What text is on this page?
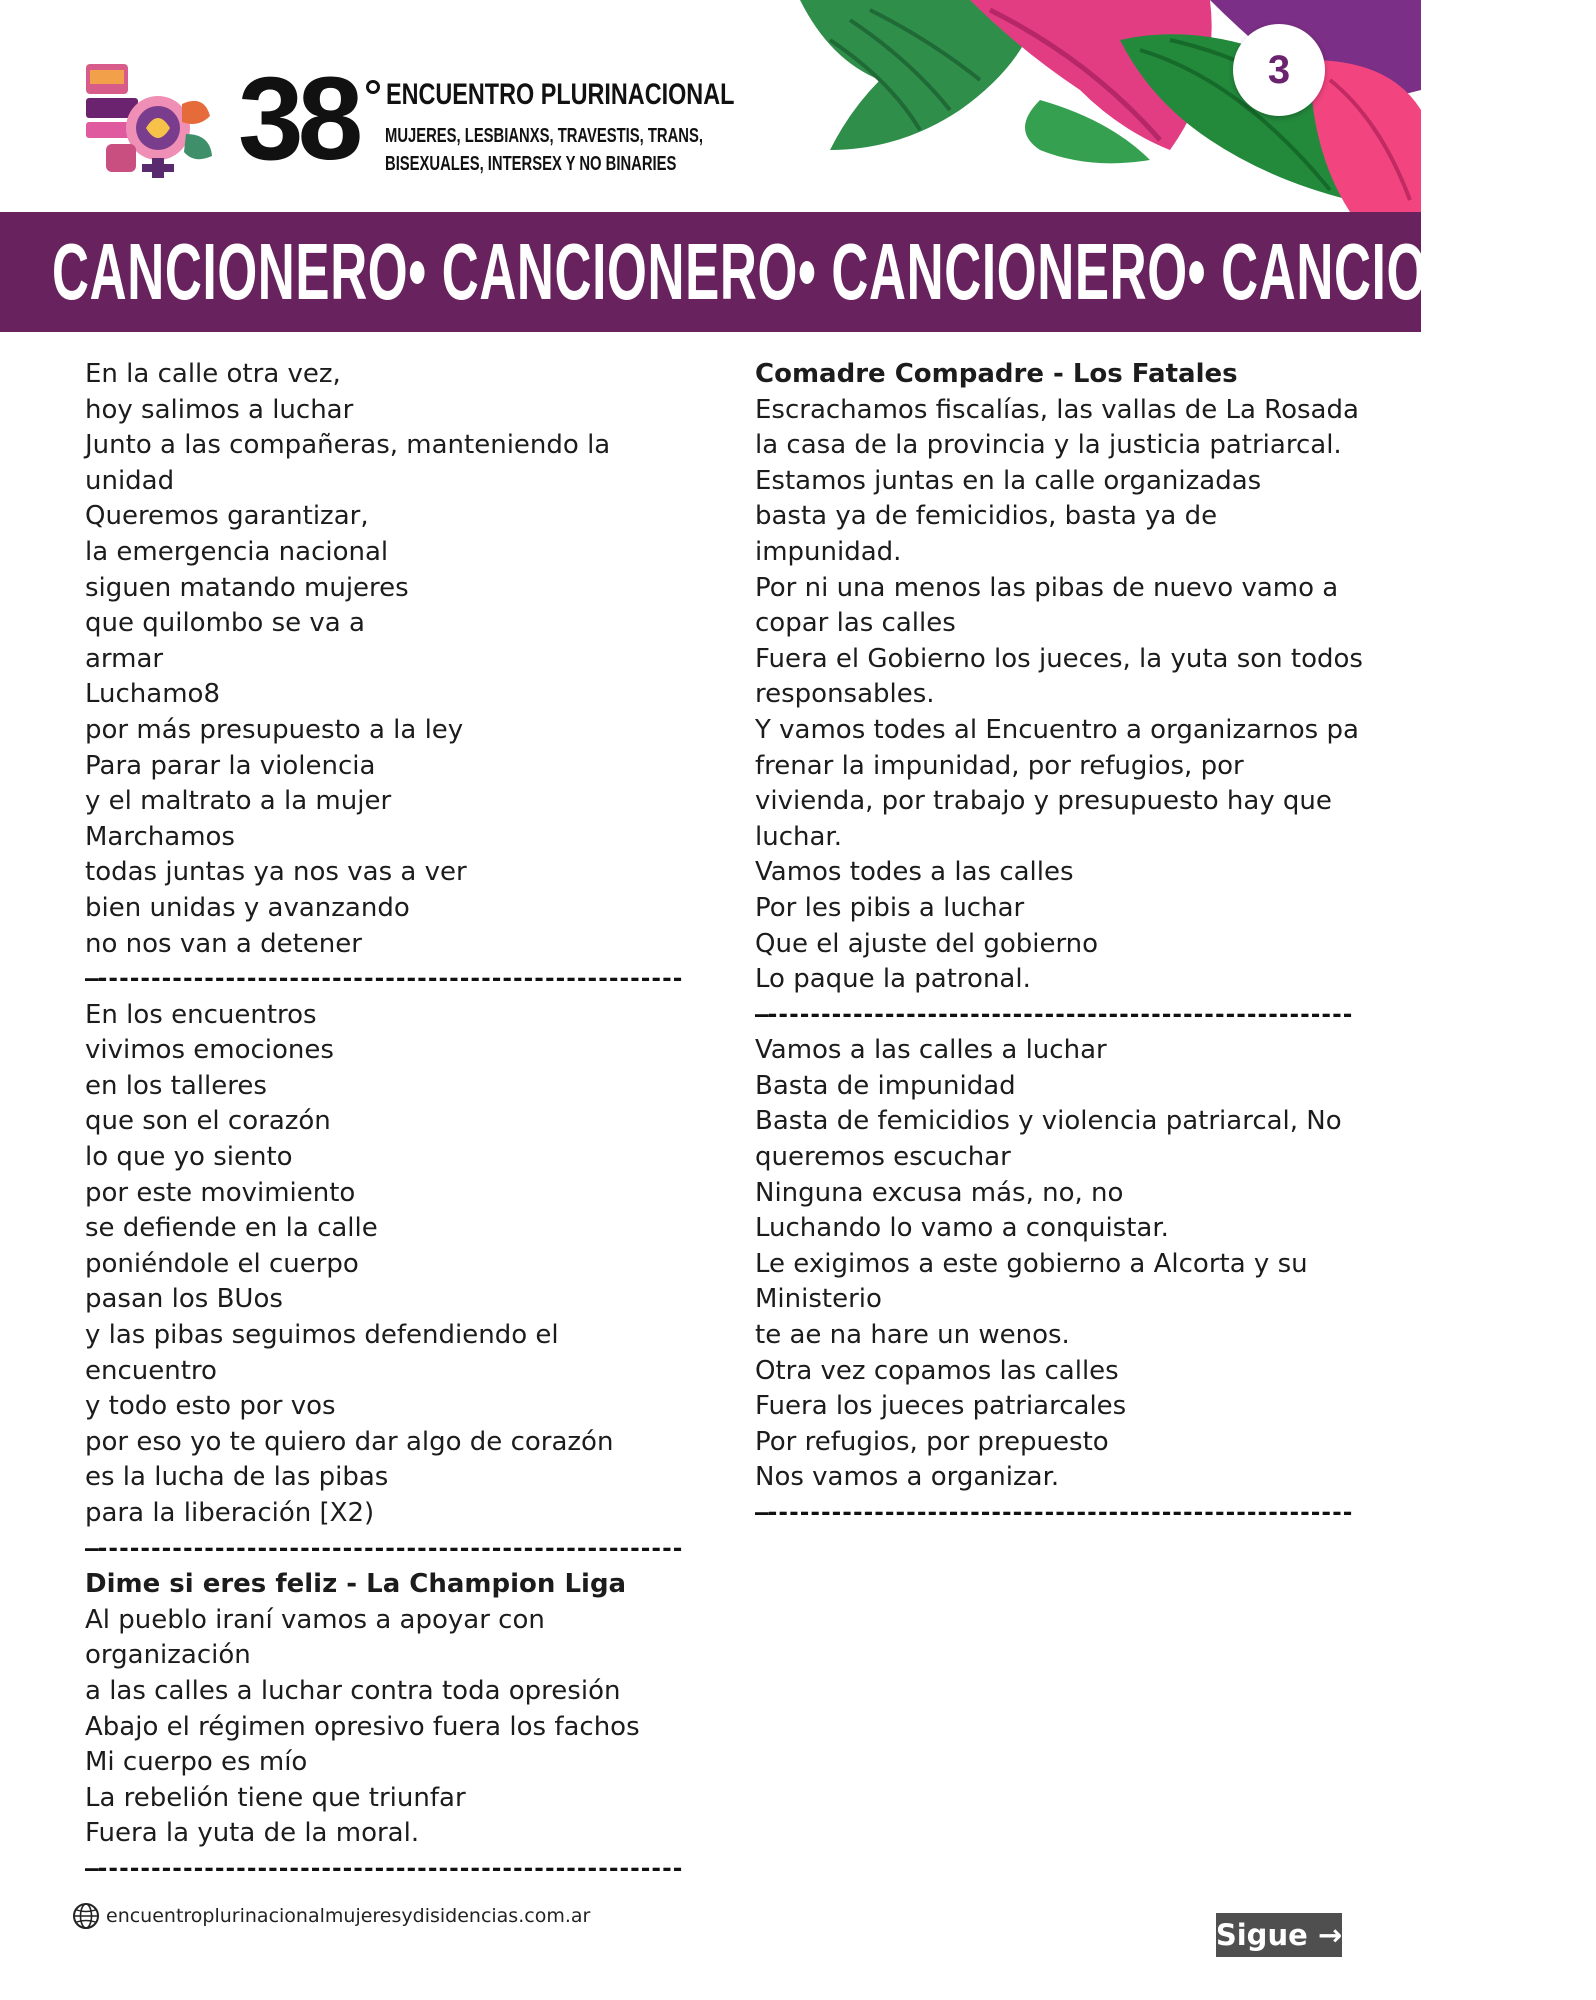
38 ENCUENTRO PLURINACIONAL
MUJERES, LESBIANXS, TRAVESTIS, TRANS,
BISEXUALES, INTERSEX Y NO BINARIES
3
CANCIONERO• CANCIONERO• CANCIONERO• CANCIONERO•
En la calle otra vez,
hoy salimos a luchar
Junto a las compañeras, manteniendo la
unidad
Queremos garantizar,
la emergencia nacional
siguen matando mujeres
que quilombo se va a
armar
Luchamo8
por más presupuesto a la ley
Para parar la violencia
y el maltrato a la mujer
Marchamos
todas juntas ya nos vas a ver
bien unidas y avanzando
no nos van a detener
—-------------------------------------------------------
En los encuentros
vivimos emociones
en los talleres
que son el corazón
lo que yo siento
por este movimiento
se defiende en la calle
poniéndole el cuerpo
pasan los BUos
y las pibas seguimos defendiendo el
encuentro
y todo esto por vos
por eso yo te quiero dar algo de corazón
es la lucha de las pibas
para la liberación [X2)
—-------------------------------------------------------
Dime si eres feliz - La Champion Liga
Al pueblo iraní vamos a apoyar con
organización
a las calles a luchar contra toda opresión
Abajo el régimen opresivo fuera los fachos
Mi cuerpo es mío
La rebelión tiene que triunfar
Fuera la yuta de la moral.
—-------------------------------------------------------
Comadre Compadre - Los Fatales
Escrachamos fiscalías, las vallas de La Rosada
la casa de la provincia y la justicia patriarcal.
Estamos juntas en la calle organizadas
basta ya de femicidios, basta ya de
impunidad.
Por ni una menos las pibas de nuevo vamo a
copar las calles
Fuera el Gobierno los jueces, la yuta son todos
responsables.
Y vamos todes al Encuentro a organizarnos pa
frenar la impunidad, por refugios, por
vivienda, por trabajo y presupuesto hay que
luchar.
Vamos todes a las calles
Por les pibis a luchar
Que el ajuste del gobierno
Lo paque la patronal.
—-------------------------------------------------------
Vamos a las calles a luchar
Basta de impunidad
Basta de femicidios y violencia patriarcal, No
queremos escuchar
Ninguna excusa más, no, no
Luchando lo vamo a conquistar.
Le exigimos a este gobierno a Alcorta y su
Ministerio
te ae na hare un wenos.
Otra vez copamos las calles
Fuera los jueces patriarcales
Por refugios, por prepuesto
Nos vamos a organizar.
—-------------------------------------------------------
encuentroplurinacionalmujeresydisidencias.com.ar
Sigue →
